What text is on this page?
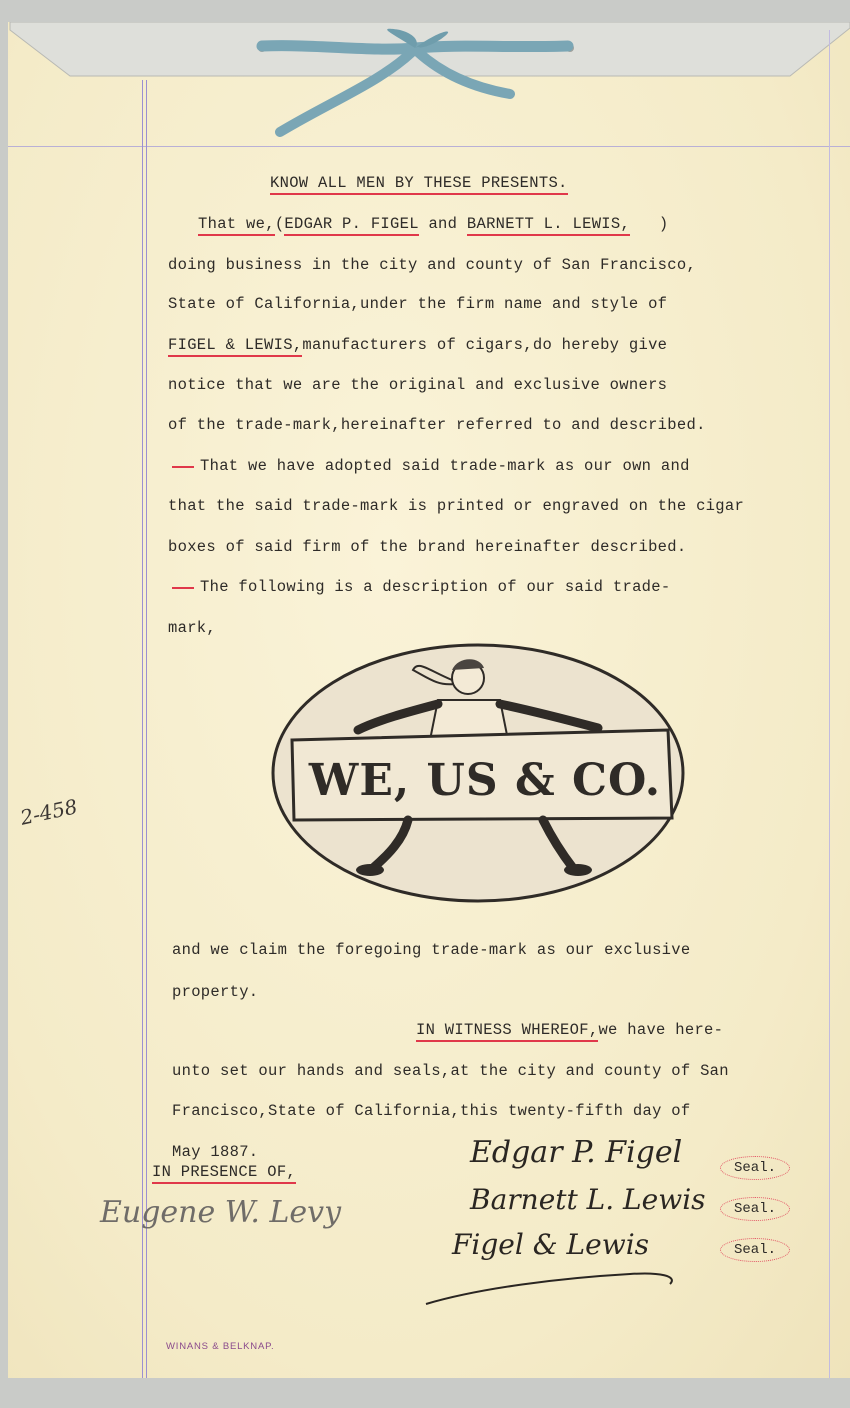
KNOW ALL MEN BY THESE PRESENTS.
That we,(EDGAR P. FIGEL and BARNETT L. LEWIS,   )
doing business in the city and county of San Francisco,
State of California,under the firm name and style of
FIGEL & LEWIS,manufacturers of cigars,do hereby give
notice that we are the original and exclusive owners
of the trade-mark,hereinafter referred to and described.
That we have adopted said trade-mark as our own and
that the said trade-mark is printed or engraved on the cigar
boxes of said firm of the brand hereinafter described.
The following is a description of our said trade-
mark,
WE, US & CO.
2-458
and we claim the foregoing trade-mark as our exclusive
property.
IN WITNESS WHEREOF,we have here-
unto set our hands and seals,at the city and county of San
Francisco,State of California,this twenty-fifth day of
May 1887.
IN PRESENCE OF,
Eugene W. Levy
Edgar P. Figel
Barnett L. Lewis
Figel & Lewis
Seal.
Seal.
Seal.
WINANS & BELKNAP.
